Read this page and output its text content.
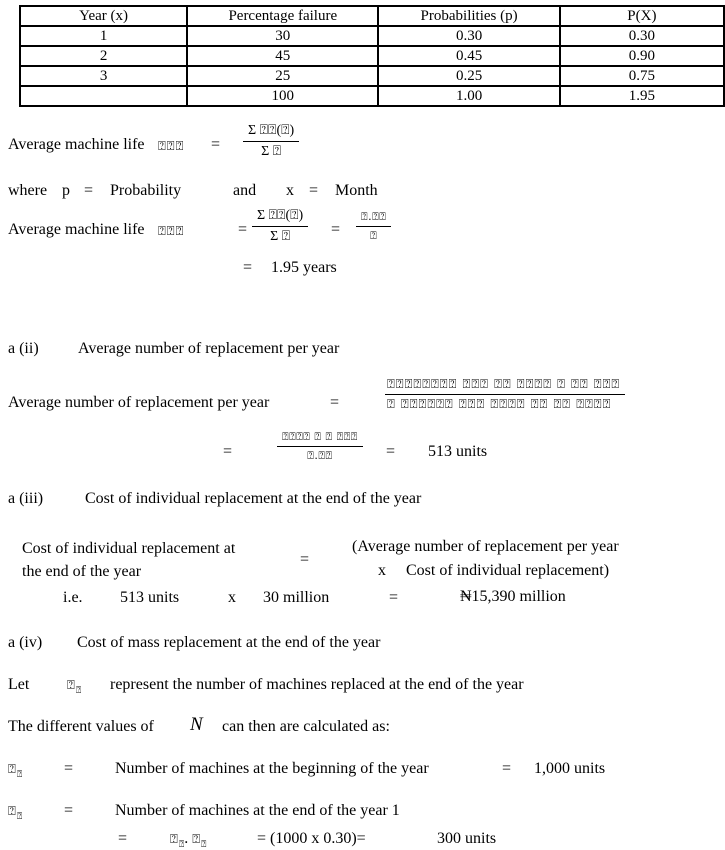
Year (x)	Percentage failure	Probabilities (p)	P(X)
1	30	0.30	0.30
2	45	0.45	0.90
3	25	0.25	0.75
	100	1.00	1.95
Average machine life ⍰⍰⍰ = $\frac{\Sigma ⍰⍰(⍰)}{\Sigma ⍰}$
where p = Probability	and x = Month
Average machine life ⍰⍰⍰	= $\frac{\Sigma ⍰⍰(⍰)}{\Sigma ⍰}$ =
⍰.⍰⍰
⍰
= 1.95 years
a (ii) Average number of replacement per year
Average number of replacement per year	=
⍰⍰⍰⍰⍰⍰⍰⍰ ⍰⍰⍰ ⍰⍰ ⍰⍰⍰⍰ ⍰ ⍰⍰ ⍰⍰⍰
⍰ ⍰⍰⍰⍰⍰⍰ ⍰⍰⍰ ⍰⍰⍰⍰ ⍰⍰ ⍰⍰ ⍰⍰⍰⍰
=
⍰⍰⍰⍰ ⍰ ⍰ ⍰⍰⍰
⍰.⍰⍰	= 513 units
a (iii)	Cost of individual replacement at the end of the year
Cost of individual replacement at
the end of the year
=
(Average number of replacement per year
x Cost of individual replacement)
i.e. 513 units	x 30 million	=	₦15,390 million
a (iv) Cost of mass replacement at the end of the year
Let	$⍰_⍰$ represent the number of machines replaced at the end of the year
The different values of N can then are calculated as:
$⍰_⍰$	=	Number of machines at the beginning of the year	= 1,000 units
$⍰_⍰$	=	Number of machines at the end of the year 1
=	$⍰_⍰$. $⍰_⍰$	= (1000 x 0.30)=	300 units
